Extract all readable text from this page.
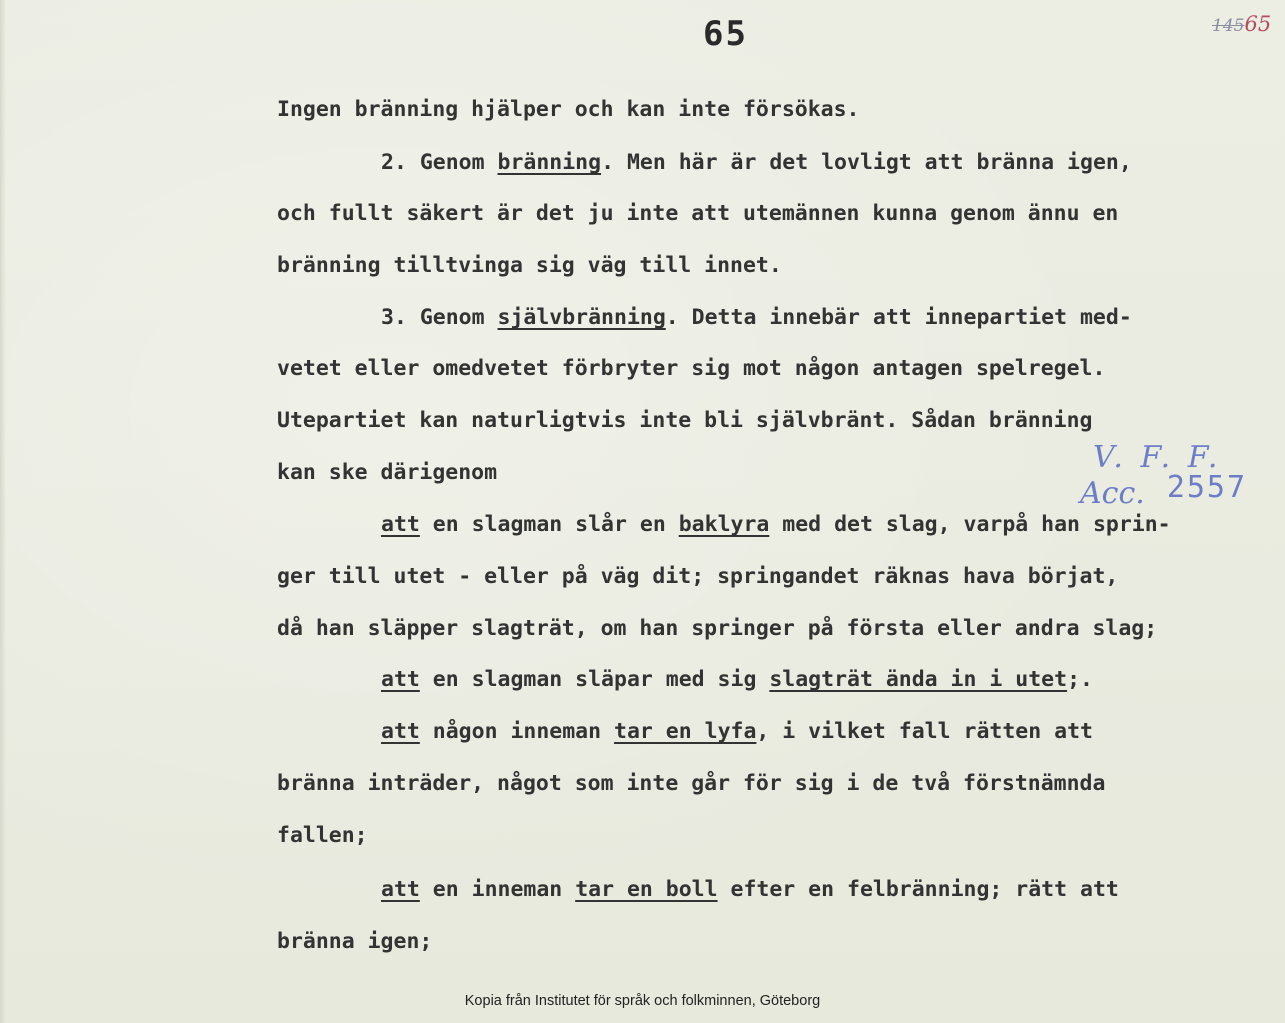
65	14565
Ingen bränning hjälper och kan inte försökas.
2. Genom bränning. Men här är det lovligt att bränna igen,
och fullt säkert är det ju inte att utemännen kunna genom ännu en
bränning tilltvinga sig väg till innet.
3. Genom självbränning. Detta innebär att innepartiet med-
vetet eller omedvetet förbryter sig mot någon antagen spelregel.
Utepartiet kan naturligtvis inte bli självbränt. Sådan bränning
kan ske därigenom
att en slagman slår en baklyra med det slag, varpå han sprin-
ger till utet - eller på väg dit; springandet räknas hava börjat,
då han släpper slagträt, om han springer på första eller andra slag;
att en slagman släpar med sig slagträt ända in i utet;.
att någon inneman tar en lyfa, i vilket fall rätten att
bränna inträder, något som inte går för sig i de två förstnämnda
fallen;
att en inneman tar en boll efter en felbränning; rätt att
bränna igen;
V. F. F.
Acc. 2557
Kopia från Institutet för språk och folkminnen, Göteborg
